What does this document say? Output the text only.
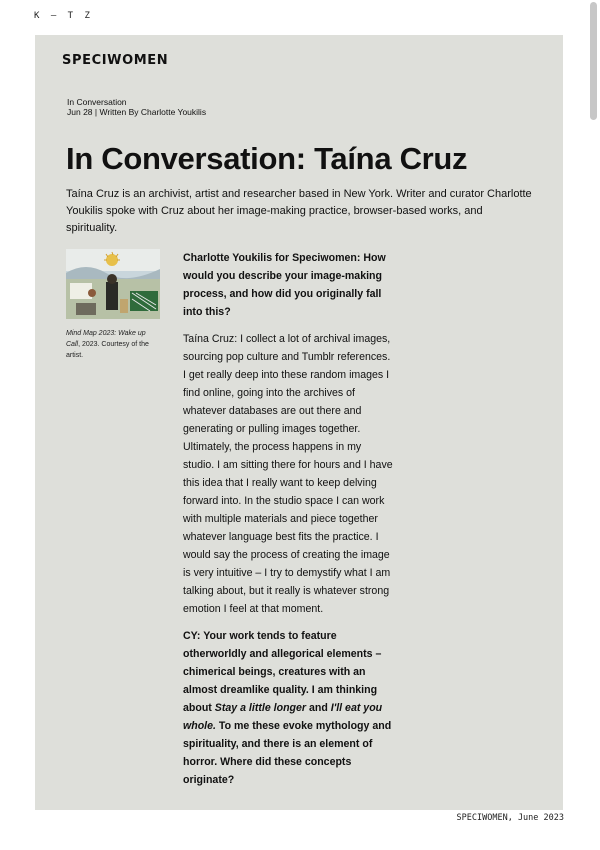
K – T Z
SPECIWOMEN
In Conversation
Jun 28 | Written By Charlotte Youkilis
In Conversation: Taína Cruz

Taína Cruz is an archivist, artist and researcher based in New York. Writer and curator Charlotte Youkilis spoke with Cruz about her image-making practice, browser-based works, and spirituality.

Mind Map 2023: Wake up Call, 2023. Courtesy of the artist.

Charlotte Youkilis for Speciwomen: How would you describe your image-making process, and how did you originally fall into this?

Taína Cruz: I collect a lot of archival images, sourcing pop culture and Tumblr references. I get really deep into these random images I find online, going into the archives of whatever databases are out there and generating or pulling images together. Ultimately, the process happens in my studio. I am sitting there for hours and I have this idea that I really want to keep delving forward into. In the studio space I can work with multiple materials and piece together whatever language best fits the practice. I would say the process of creating the image is very intuitive – I try to demystify what I am talking about, but it really is whatever strong emotion I feel at that moment.

CY: Your work tends to feature otherworldly and allegorical elements – chimerical beings, creatures with an almost dreamlike quality. I am thinking about Stay a little longer and I'll eat you whole. To me these evoke mythology and spirituality, and there is an element of horror. Where did these concepts originate?

SPECIWOMEN, June 2023
